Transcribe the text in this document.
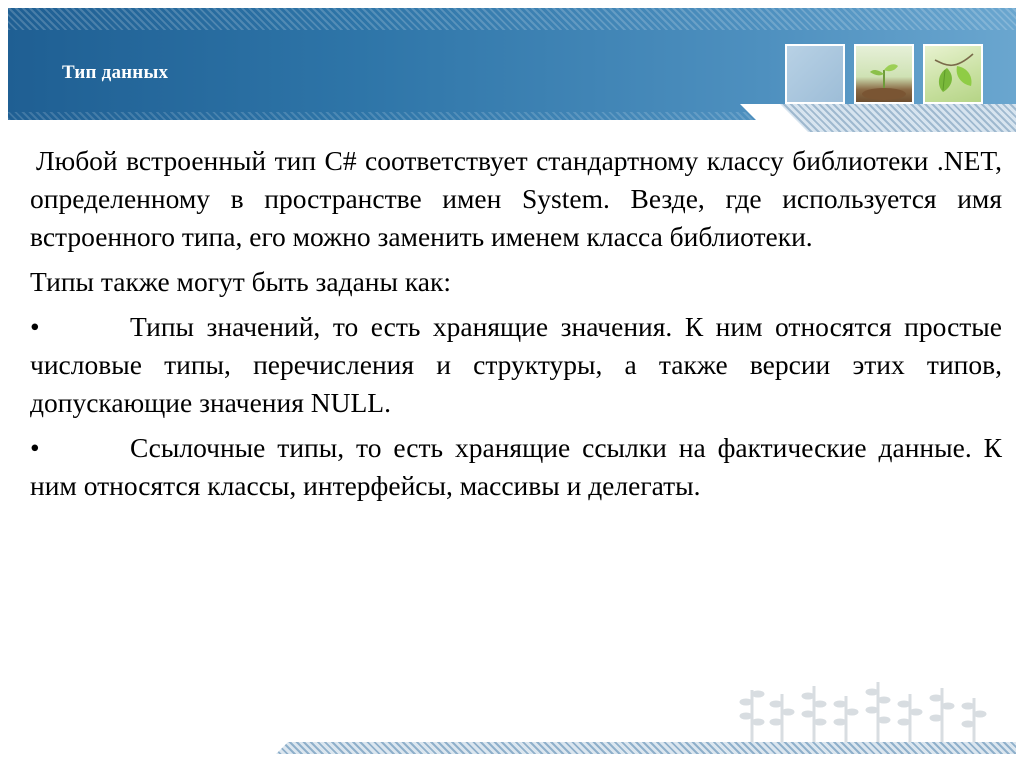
Тип данных

Любой встроенный тип C# соответствует стандартному классу библиотеки .NET, определенному в пространстве имен System. Везде, где используется имя встроенного типа, его можно заменить именем класса библиотеки.

Типы также могут быть заданы как:

•	Типы значений, то есть хранящие значения. К ним относятся простые числовые типы, перечисления и структуры, а также версии этих типов, допускающие значения NULL.

•	Ссылочные типы, то есть хранящие ссылки на фактические данные. К ним относятся классы, интерфейсы, массивы и делегаты.
